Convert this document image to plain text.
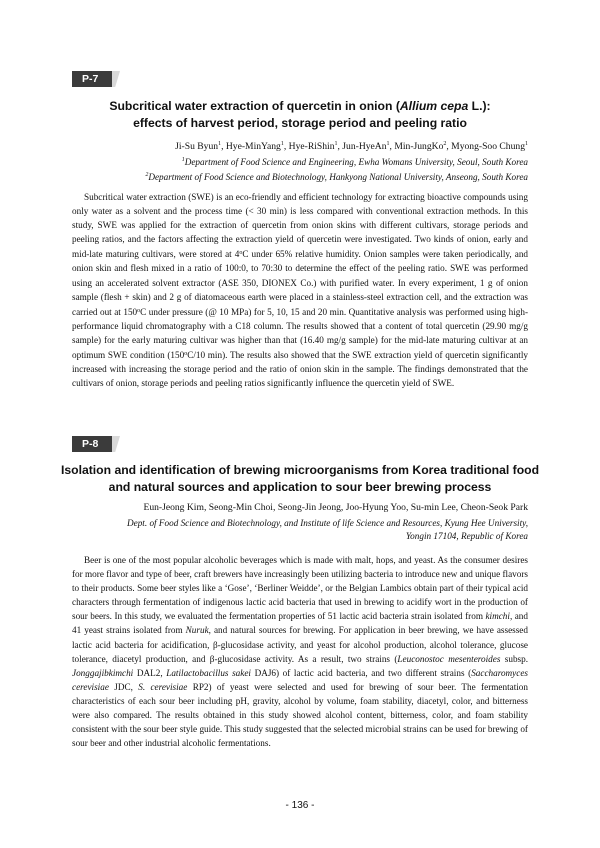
P-7
Subcritical water extraction of quercetin in onion (Allium cepa L.):
effects of harvest period, storage period and peeling ratio
Ji-Su Byun$^1$, Hye-MinYang$^1$, Hye-RiShin$^1$, Jun-HyeAn$^1$, Min-JungKo$^2$, Myong-Soo Chung$^1$
$^1$Department of Food Science and Engineering, Ewha Womans University, Seoul, South Korea
$^2$Department of Food Science and Biotechnology, Hankyong National University, Anseong, South Korea
Subcritical water extraction (SWE) is an eco-friendly and efficient technology for extracting bioactive compounds using only water as a solvent and the process time (< 30 min) is less compared with conventional extraction methods. In this study, SWE was applied for the extraction of quercetin from onion skins with different cultivars, storage periods and peeling ratios, and the factors affecting the extraction yield of quercetin were investigated. Two kinds of onion, early and mid-late maturing cultivars, were stored at 4$^o$C under 65% relative humidity. Onion samples were taken periodically, and onion skin and flesh mixed in a ratio of 100:0, to 70:30 to determine the effect of the peeling ratio. SWE was performed using an accelerated solvent extractor (ASE 350, DIONEX Co.) with purified water. In every experiment, 1 g of onion sample (flesh + skin) and 2 g of diatomaceous earth were placed in a stainless-steel extraction cell, and the extraction was carried out at 150$^o$C under pressure (@ 10 MPa) for 5, 10, 15 and 20 min. Quantitative analysis was performed using high-performance liquid chromatography with a C18 column. The results showed that a content of total quercetin (29.90 mg/g sample) for the early maturing cultivar was higher than that (16.40 mg/g sample) for the mid-late maturing cultivar at an optimum SWE condition (150$^o$C/10 min). The results also showed that the SWE extraction yield of quercetin significantly increased with increasing the storage period and the ratio of onion skin in the sample. The findings demonstrated that the cultivars of onion, storage periods and peeling ratios significantly influence the quercetin yield of SWE.
P-8
Isolation and identification of brewing microorganisms from Korea traditional food
and natural sources and application to sour beer brewing process
Eun-Jeong Kim, Seong-Min Choi, Seong-Jin Jeong, Joo-Hyung Yoo, Su-min Lee, Cheon-Seok Park
Dept. of Food Science and Biotechnology, and Institute of life Science and Resources, Kyung Hee University,
Yongin 17104, Republic of Korea
Beer is one of the most popular alcoholic beverages which is made with malt, hops, and yeast. As the consumer desires for more flavor and type of beer, craft brewers have increasingly been utilizing bacteria to introduce new and unique flavors to their products. Some beer styles like a ‘Gose’, ‘Berliner Weidde’, or the Belgian Lambics obtain part of their typical acid characters through fermentation of indigenous lactic acid bacteria that used in brewing to acidify wort in the production of sour beers. In this study, we evaluated the fermentation properties of 51 lactic acid bacteria strain isolated from kimchi, and 41 yeast strains isolated from Nuruk, and natural sources for brewing. For application in beer brewing, we have assessed lactic acid bacteria for acidification, β-glucosidase activity, and yeast for alcohol production, alcohol tolerance, glucose tolerance, diacetyl production, and β-glucosidase activity. As a result, two strains (Leuconostoc mesenteroides subsp. Jonggajibkimchi DAL2, Latilactobacillus sakei DAJ6) of lactic acid bacteria, and two different strains (Saccharomyces cerevisiae JDC, S. cerevisiae RP2) of yeast were selected and used for brewing of sour beer. The fermentation characteristics of each sour beer including pH, gravity, alcohol by volume, foam stability, diacetyl, color, and bitterness were also compared. The results obtained in this study showed alcohol content, bitterness, color, and foam stability consistent with the sour beer style guide. This study suggested that the selected microbial strains can be used for brewing of sour beer and other industrial alcoholic fermentations.
- 136 -
